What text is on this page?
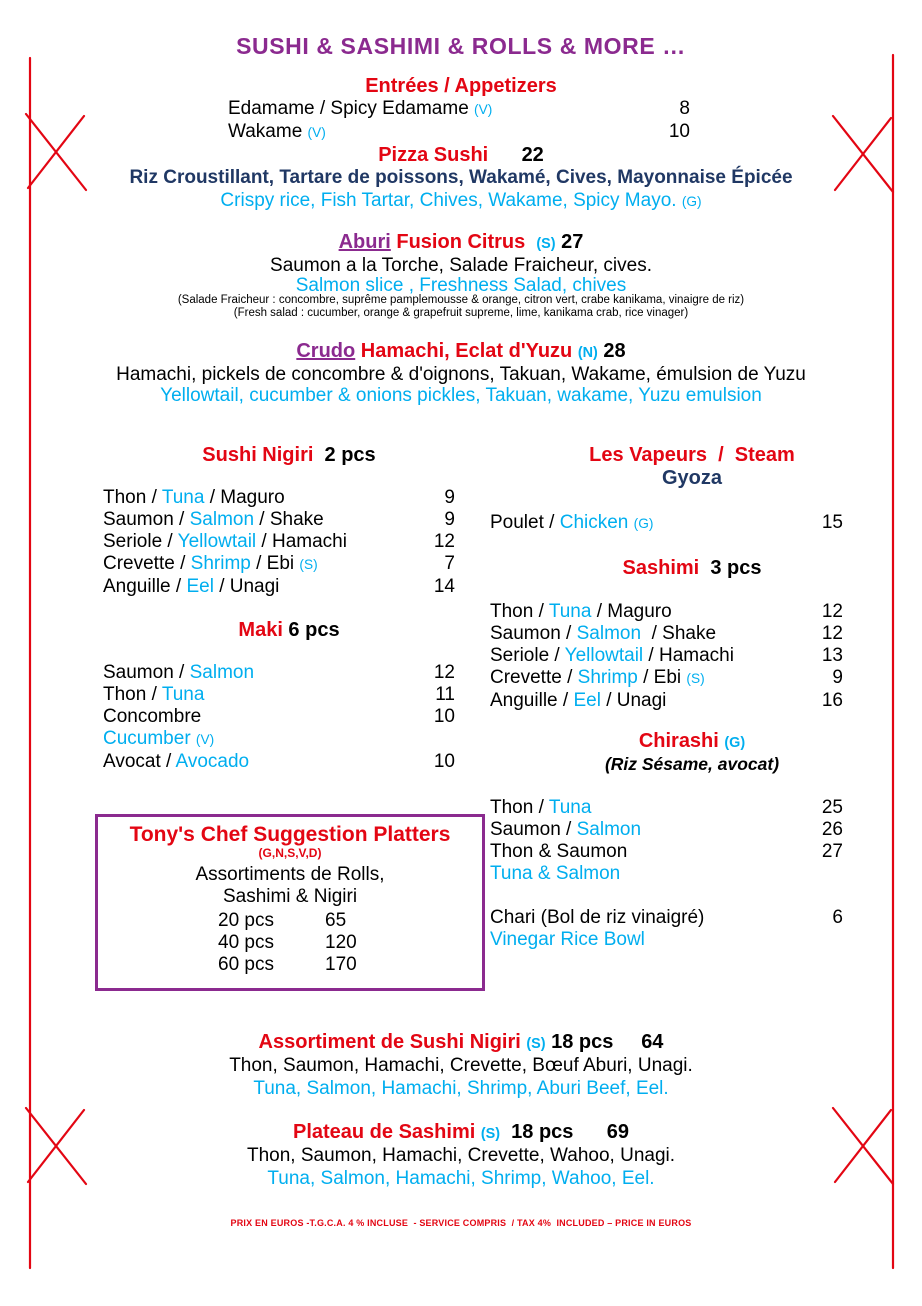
SUSHI & SASHIMI & ROLLS & MORE …
Entrées / Appetizers
Edamame / Spicy Edamame (V)	8
Wakame (V)	10
Pizza Sushi 22
Riz Croustillant, Tartare de poissons, Wakamé, Cives, Mayonnaise Épicée
Crispy rice, Fish Tartar, Chives, Wakame, Spicy Mayo. (G)
Aburi Fusion Citrus (S) 27
Saumon a la Torche, Salade Fraicheur, cives.
Salmon slice , Freshness Salad, chives
(Salade Fraicheur : concombre, suprême pamplemousse & orange, citron vert, crabe kanikama, vinaigre de riz)
(Fresh salad : cucumber, orange & grapefruit supreme, lime, kanikama crab, rice vinager)
Crudo Hamachi, Eclat d'Yuzu (N) 28
Hamachi, pickels de concombre & d'oignons, Takuan, Wakame, émulsion de Yuzu
Yellowtail, cucumber & onions pickles, Takuan, wakame, Yuzu emulsion
Sushi Nigiri  2 pcs
Thon / Tuna / Maguro	9
Saumon / Salmon / Shake	9
Seriole / Yellowtail / Hamachi	12
Crevette / Shrimp / Ebi (S)	7
Anguille / Eel / Unagi	14
Maki 6 pcs
Saumon / Salmon	12
Thon / Tuna	11
Concombre	10
Cucumber (V)
Avocat / Avocado	10
Tony's Chef Suggestion Platters
(G,N,S,V,D)
Assortiments de Rolls,
Sashimi & Nigiri
20 pcs	65
40 pcs	120
60 pcs	170
Les Vapeurs  /  Steam
Gyoza
Poulet / Chicken (G)	15
Sashimi  3 pcs
Thon / Tuna / Maguro	12
Saumon / Salmon  / Shake	12
Seriole / Yellowtail / Hamachi	13
Crevette / Shrimp / Ebi (S)	9
Anguille / Eel / Unagi	16
Chirashi (G)
(Riz Sésame, avocat)
Thon / Tuna	25
Saumon / Salmon	26
Thon & Saumon	27
Tuna & Salmon
Chari (Bol de riz vinaigré)	6
Vinegar Rice Bowl
Assortiment de Sushi Nigiri (S) 18 pcs 64
Thon, Saumon, Hamachi, Crevette, Bœuf Aburi, Unagi.
Tuna, Salmon, Hamachi, Shrimp, Aburi Beef, Eel.
Plateau de Sashimi (S)  18 pcs 69
Thon, Saumon, Hamachi, Crevette, Wahoo, Unagi.
Tuna, Salmon, Hamachi, Shrimp, Wahoo, Eel.
PRIX EN EUROS -T.G.C.A. 4 % INCLUSE  - SERVICE COMPRIS  / TAX 4%  INCLUDED – PRICE IN EUROS
